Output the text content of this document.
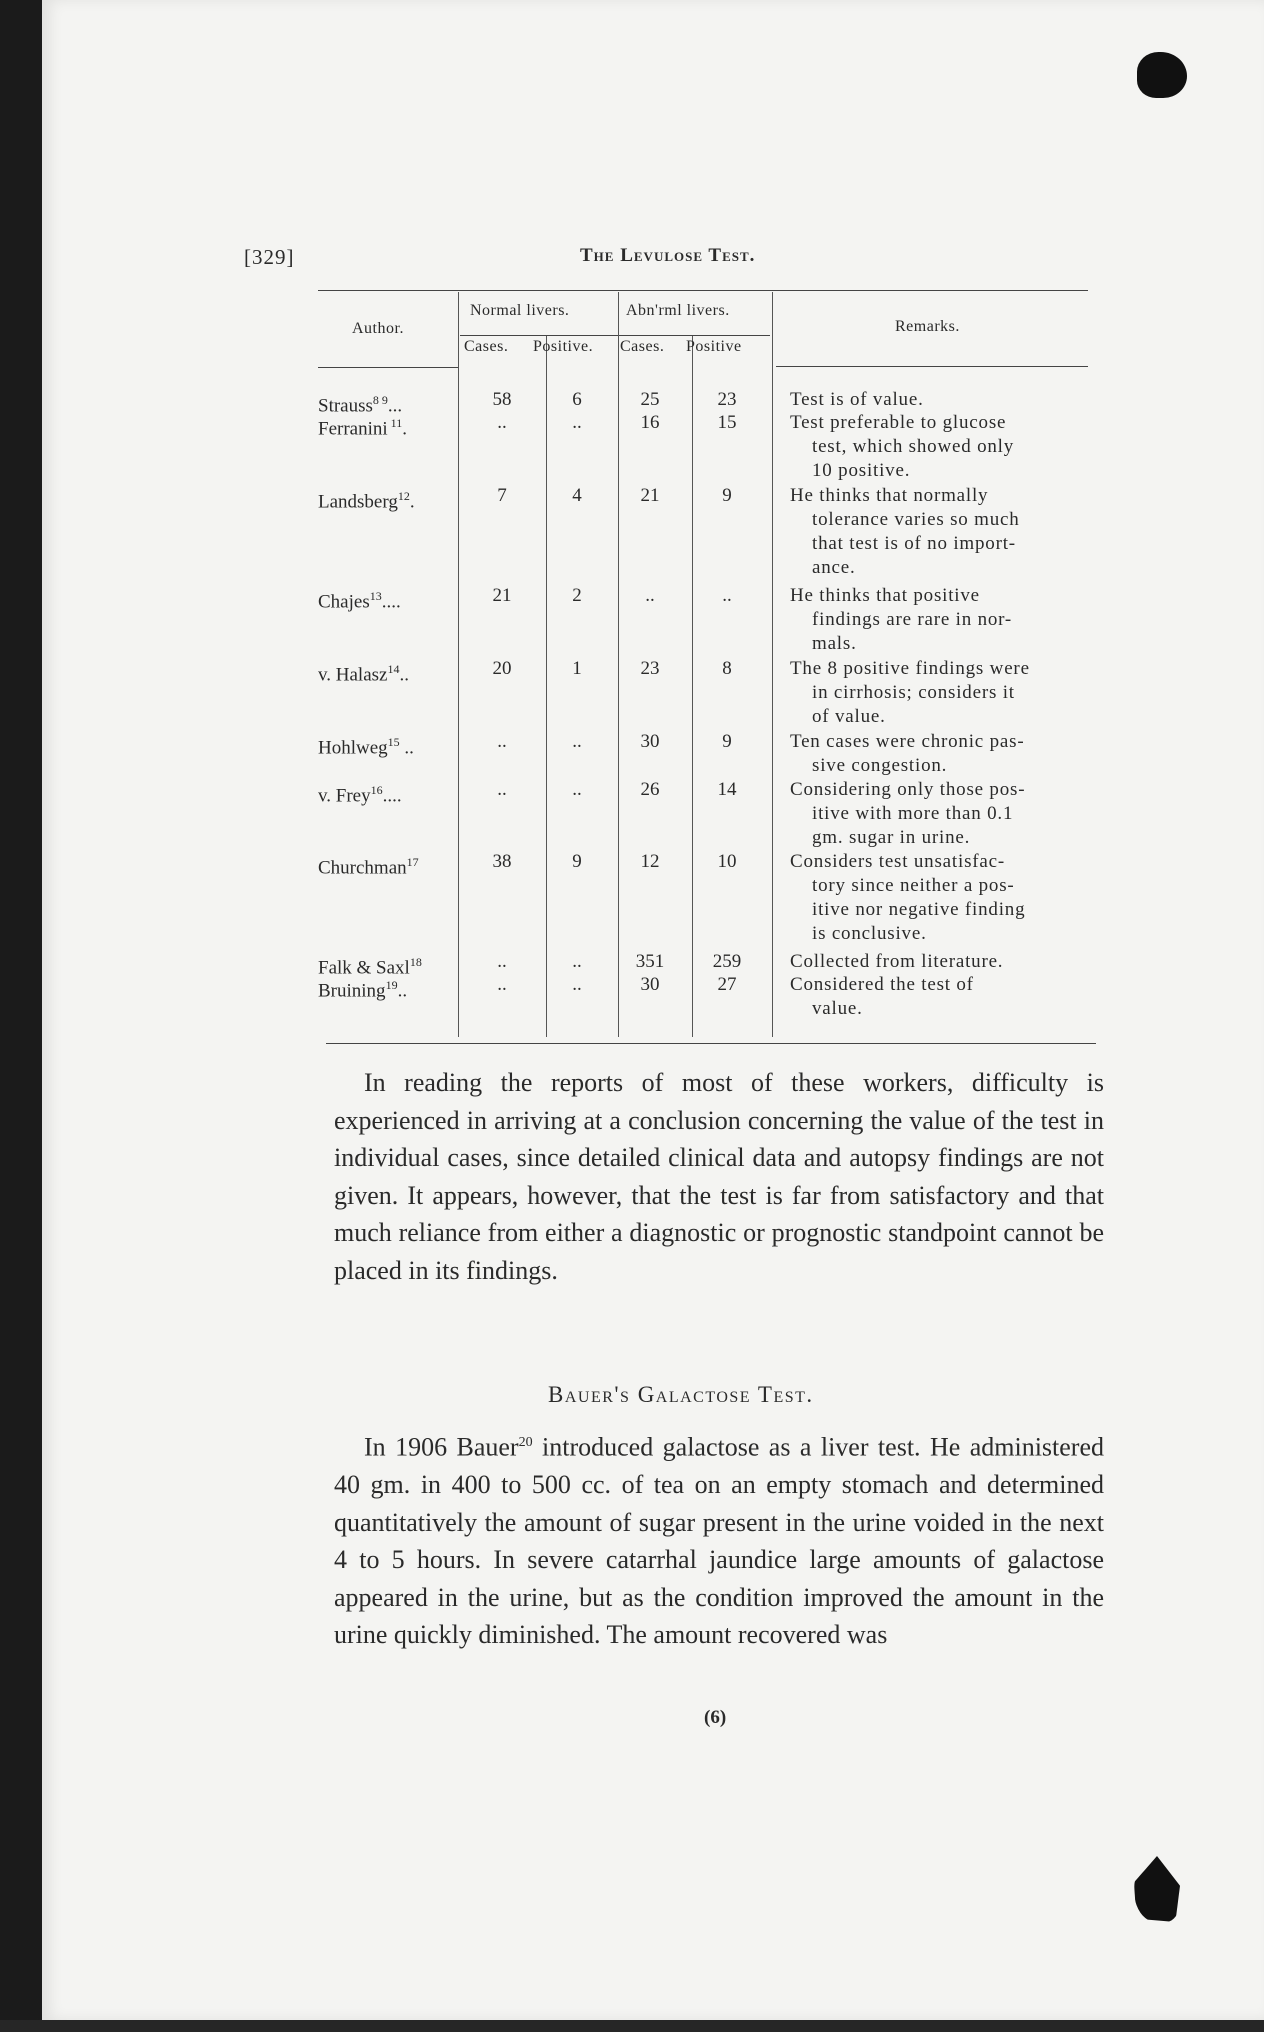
[329]	The Levulose Test.
Author.
Normal livers.	Abn'rml livers.
Cases. Positive. Cases. Positive
Remarks.
Strauss$^{8 9}$...	58	6	25	23	Test is of value.
Ferranini $^{11}$.	..	..	16	15	Test preferable to glucose
test, which showed only
10 positive.
Landsberg$^{12}$.	7	4	21	9	He thinks that normally
tolerance varies so much
that test is of no import-
ance.
Chajes$^{13}$....	21	2	..	..	He thinks that positive
findings are rare in nor-
mals.
v. Halasz$^{14}$..	20	1	23	8	The 8 positive findings were
in cirrhosis; considers it
of value.
Hohlweg$^{15}$ ..	..	..	30	9	Ten cases were chronic pas-
sive congestion.
v. Frey$^{16}$....	..	..	26	14	Considering only those pos-
itive with more than 0.1
gm. sugar in urine.
Churchman$^{17}$	38	9	12	10	Considers test unsatisfac-
tory since neither a pos-
itive nor negative finding
is conclusive.
Falk & Saxl$^{18}$	..	..	351	259	Collected from literature.
Bruining$^{19}$..	..	..	30	27	Considered the test of
value.

In reading the reports of most of these workers, difficulty is experienced in arriving at a conclusion concerning the value of the test in individual cases, since detailed clinical data and autopsy findings are not given. It appears, however, that the test is far from satisfactory and that much reliance from either a diagnostic or prognostic standpoint cannot be placed in its findings.

Bauer's Galactose Test.

In 1906 Bauer$^{20}$ introduced galactose as a liver test. He administered 40 gm. in 400 to 500 cc. of tea on an empty stomach and determined quantitatively the amount of sugar present in the urine voided in the next 4 to 5 hours. In severe catarrhal jaundice large amounts of galactose appeared in the urine, but as the condition improved the amount in the urine quickly diminished. The amount recovered was

(6)
